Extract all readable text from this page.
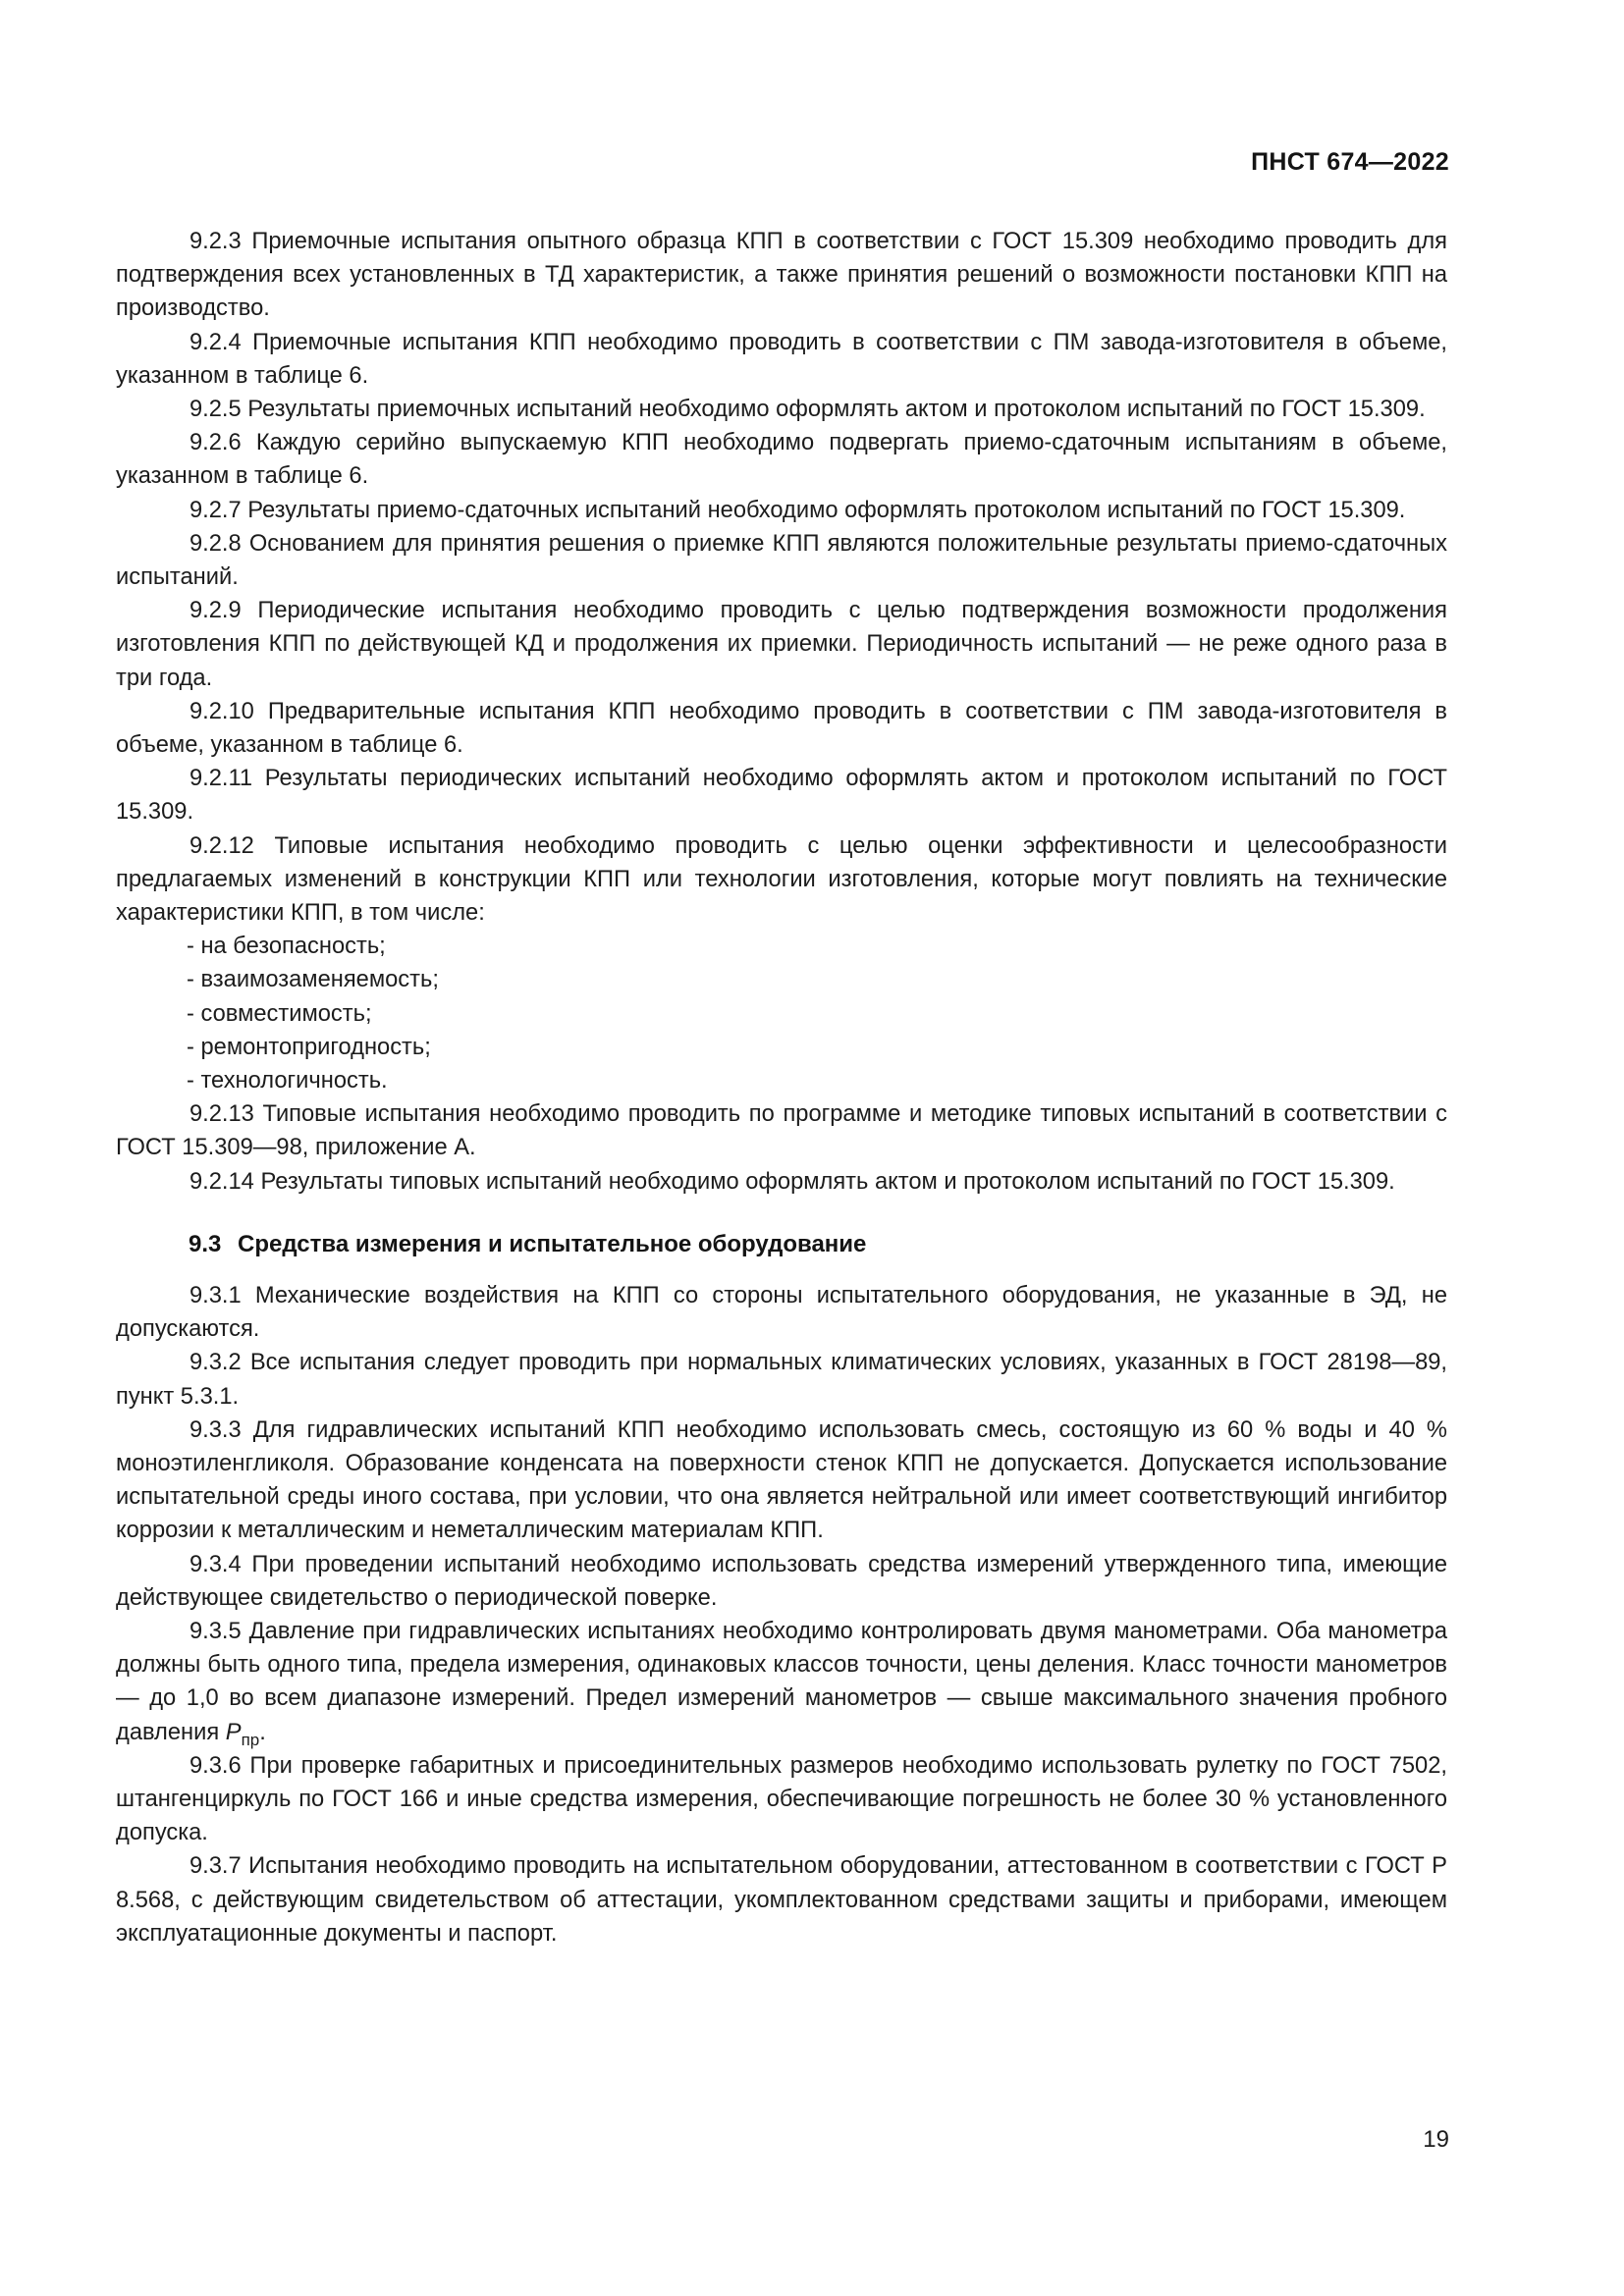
ПНСТ 674—2022

9.2.3 Приемочные испытания опытного образца КПП в соответствии с ГОСТ 15.309 необходимо проводить для подтверждения всех установленных в ТД характеристик, а также принятия решений о возможности постановки КПП на производство.

9.2.4 Приемочные испытания КПП необходимо проводить в соответствии с ПМ завода-изготовителя в объеме, указанном в таблице 6.

9.2.5 Результаты приемочных испытаний необходимо оформлять актом и протоколом испытаний по ГОСТ 15.309.

9.2.6 Каждую серийно выпускаемую КПП необходимо подвергать приемо-сдаточным испытаниям в объеме, указанном в таблице 6.

9.2.7 Результаты приемо-сдаточных испытаний необходимо оформлять протоколом испытаний по ГОСТ 15.309.

9.2.8 Основанием для принятия решения о приемке КПП являются положительные результаты приемо-сдаточных испытаний.

9.2.9 Периодические испытания необходимо проводить с целью подтверждения возможности продолжения изготовления КПП по действующей КД и продолжения их приемки. Периодичность испытаний — не реже одного раза в три года.

9.2.10 Предварительные испытания КПП необходимо проводить в соответствии с ПМ завода-изготовителя в объеме, указанном в таблице 6.

9.2.11 Результаты периодических испытаний необходимо оформлять актом и протоколом испытаний по ГОСТ 15.309.

9.2.12 Типовые испытания необходимо проводить с целью оценки эффективности и целесообразности предлагаемых изменений в конструкции КПП или технологии изготовления, которые могут повлиять на технические характеристики КПП, в том числе:

- на безопасность;
- взаимозаменяемость;
- совместимость;
- ремонтопригодность;
- технологичность.

9.2.13 Типовые испытания необходимо проводить по программе и методике типовых испытаний в соответствии с ГОСТ 15.309—98, приложение А.

9.2.14 Результаты типовых испытаний необходимо оформлять актом и протоколом испытаний по ГОСТ 15.309.

9.3 Средства измерения и испытательное оборудование

9.3.1 Механические воздействия на КПП со стороны испытательного оборудования, не указанные в ЭД, не допускаются.

9.3.2 Все испытания следует проводить при нормальных климатических условиях, указанных в ГОСТ 28198—89, пункт 5.3.1.

9.3.3 Для гидравлических испытаний КПП необходимо использовать смесь, состоящую из 60 % воды и 40 % моноэтиленгликоля. Образование конденсата на поверхности стенок КПП не допускается. Допускается использование испытательной среды иного состава, при условии, что она является нейтральной или имеет соответствующий ингибитор коррозии к металлическим и неметаллическим материалам КПП.

9.3.4 При проведении испытаний необходимо использовать средства измерений утвержденного типа, имеющие действующее свидетельство о периодической поверке.

9.3.5 Давление при гидравлических испытаниях необходимо контролировать двумя манометрами. Оба манометра должны быть одного типа, предела измерения, одинаковых классов точности, цены деления. Класс точности манометров — до 1,0 во всем диапазоне измерений. Предел измерений манометров — свыше максимального значения пробного давления $P_{пр}$.

9.3.6 При проверке габаритных и присоединительных размеров необходимо использовать рулетку по ГОСТ 7502, штангенциркуль по ГОСТ 166 и иные средства измерения, обеспечивающие погрешность не более 30 % установленного допуска.

9.3.7 Испытания необходимо проводить на испытательном оборудовании, аттестованном в соответствии с ГОСТ Р 8.568, с действующим свидетельством об аттестации, укомплектованном средствами защиты и приборами, имеющем эксплуатационные документы и паспорт.

19
